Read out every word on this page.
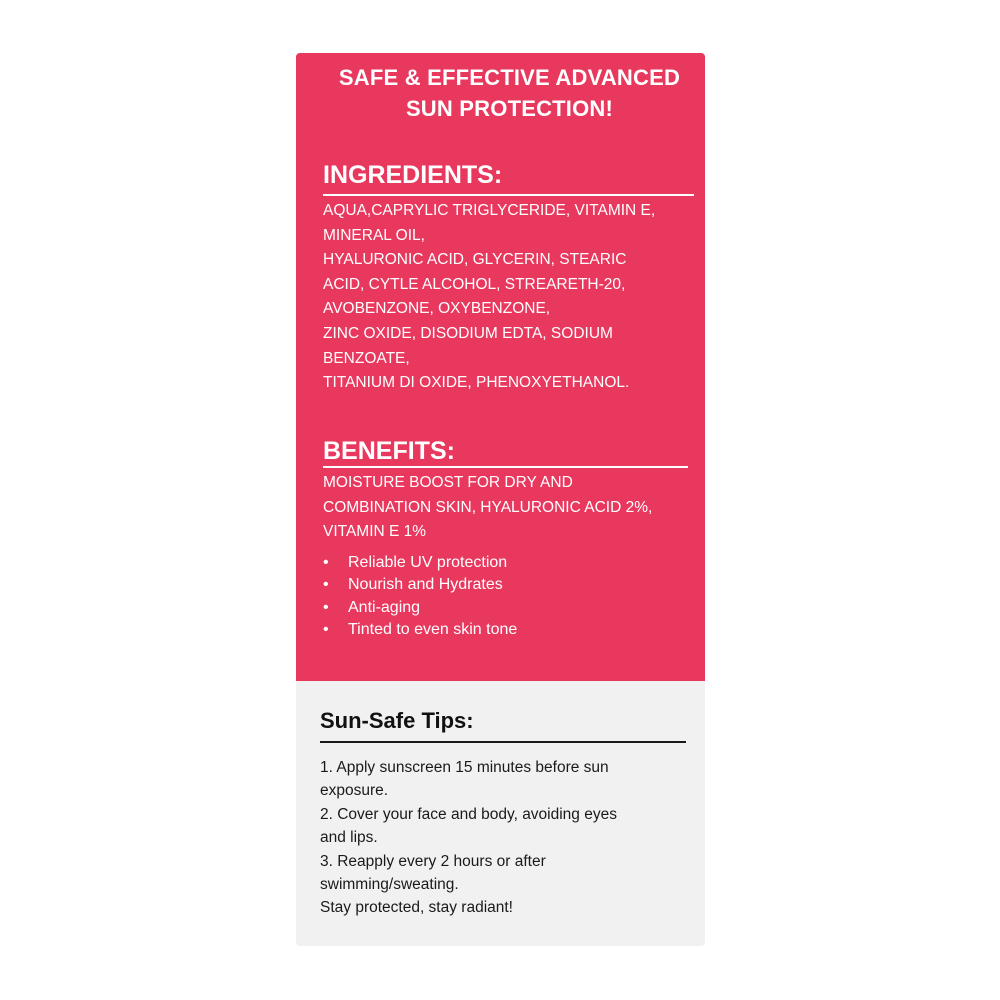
SAFE & EFFECTIVE ADVANCED
SUN PROTECTION!
INGREDIENTS:
AQUA,CAPRYLIC TRIGLYCERIDE, VITAMIN E,
MINERAL OIL,
HYALURONIC ACID, GLYCERIN, STEARIC
ACID, CYTLE ALCOHOL, STREARETH-20,
AVOBENZONE, OXYBENZONE,
ZINC OXIDE, DISODIUM EDTA, SODIUM
BENZOATE,
TITANIUM DI OXIDE, PHENOXYETHANOL.
BENEFITS:
MOISTURE BOOST FOR DRY AND
COMBINATION SKIN, HYALURONIC ACID 2%,
VITAMIN E 1%
• Reliable UV protection
• Nourish and Hydrates
• Anti-aging
• Tinted to even skin tone
Sun-Safe Tips:
1. Apply sunscreen 15 minutes before sun
exposure.
2. Cover your face and body, avoiding eyes
and lips.
3. Reapply every 2 hours or after
swimming/sweating.
Stay protected, stay radiant!
